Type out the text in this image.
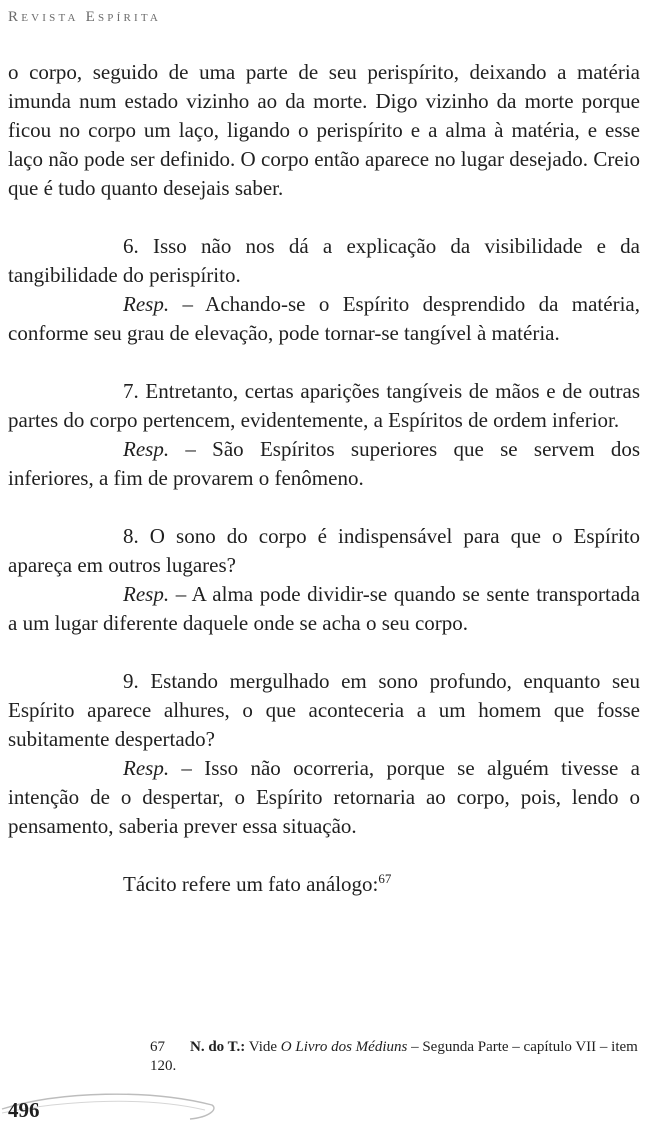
Revista Espírita

o corpo, seguido de uma parte de seu perispírito, deixando a matéria imunda num estado vizinho ao da morte. Digo vizinho da morte porque ficou no corpo um laço, ligando o perispírito e a alma à matéria, e esse laço não pode ser definido. O corpo então aparece no lugar desejado. Creio que é tudo quanto desejais saber.

6. Isso não nos dá a explicação da visibilidade e da tangibilidade do perispírito.

Resp. – Achando-se o Espírito desprendido da matéria, conforme seu grau de elevação, pode tornar-se tangível à matéria.

7. Entretanto, certas aparições tangíveis de mãos e de outras partes do corpo pertencem, evidentemente, a Espíritos de ordem inferior.

Resp. – São Espíritos superiores que se servem dos inferiores, a fim de provarem o fenômeno.

8. O sono do corpo é indispensável para que o Espírito apareça em outros lugares?

Resp. – A alma pode dividir-se quando se sente transportada a um lugar diferente daquele onde se acha o seu corpo.

9. Estando mergulhado em sono profundo, enquanto seu Espírito aparece alhures, o que aconteceria a um homem que fosse subitamente despertado?

Resp. – Isso não ocorreria, porque se alguém tivesse a intenção de o despertar, o Espírito retornaria ao corpo, pois, lendo o pensamento, saberia prever essa situação.

Tácito refere um fato análogo:$^{67}$

67 N. do T.: Vide O Livro dos Médiuns – Segunda Parte – capítulo VII – item 120.
496
